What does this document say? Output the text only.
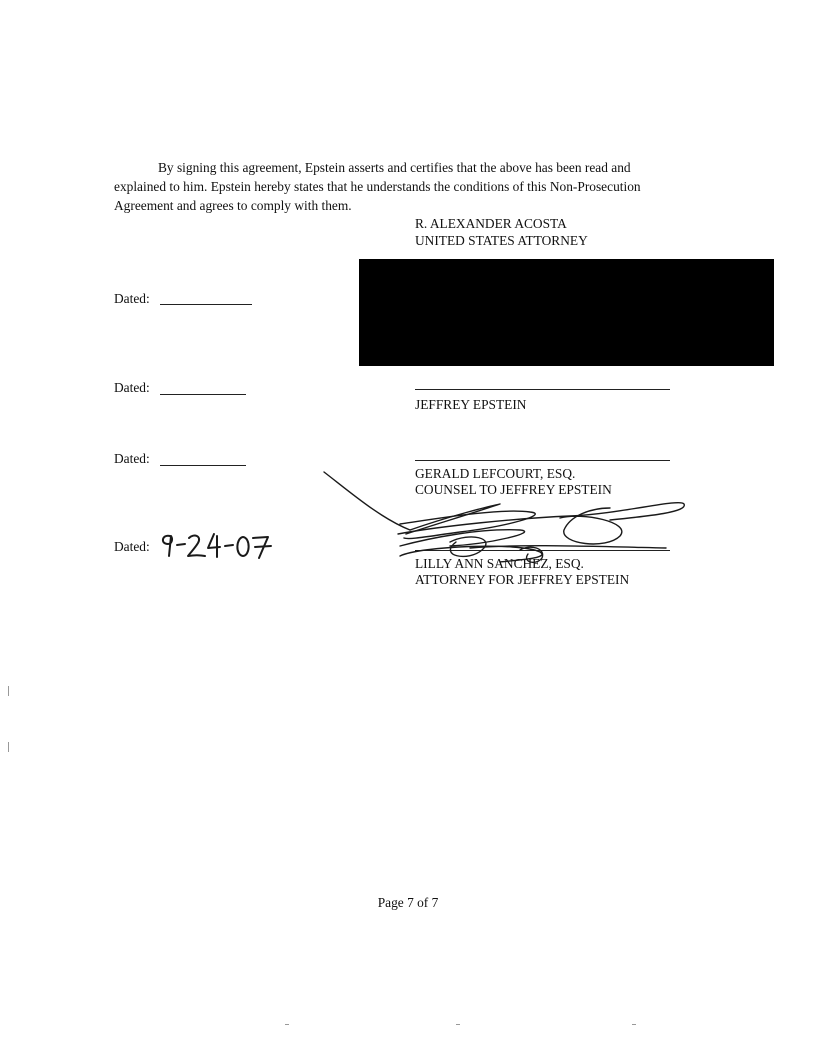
By signing this agreement, Epstein asserts and certifies that the above has been read and explained to him. Epstein hereby states that he understands the conditions of this Non-Prosecution Agreement and agrees to comply with them.

R. ALEXANDER ACOSTA
UNITED STATES ATTORNEY
Dated:
Dated:
JEFFREY EPSTEIN
Dated:
GERALD LEFCOURT, ESQ.
COUNSEL TO JEFFREY EPSTEIN
Dated:
LILLY ANN SANCHEZ, ESQ.
ATTORNEY FOR JEFFREY EPSTEIN
Page 7 of 7
